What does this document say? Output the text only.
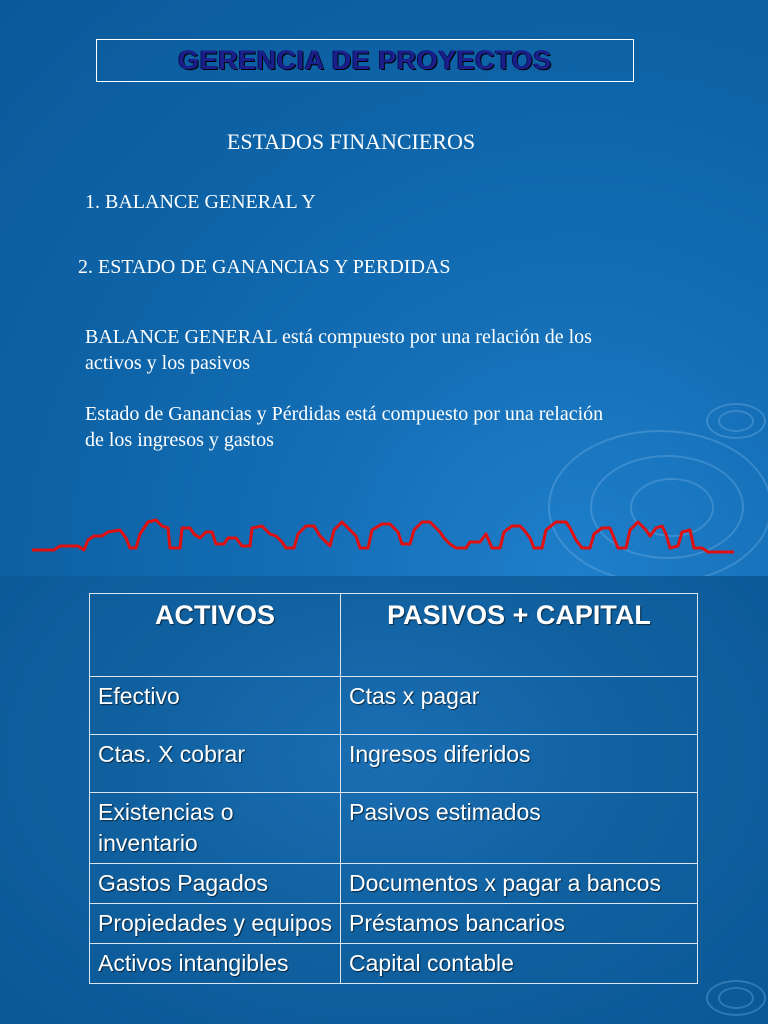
GERENCIA DE PROYECTOS
ESTADOS FINANCIEROS
1. BALANCE GENERAL Y
2. ESTADO DE GANANCIAS Y PERDIDAS
BALANCE GENERAL está compuesto por una relación de los activos y los pasivos
Estado de Ganancias y Pérdidas está compuesto por una relación de los ingresos y gastos
ACTIVOS	PASIVOS + CAPITAL
Efectivo	Ctas x pagar
Ctas. X cobrar	Ingresos diferidos
Existencias o inventario	Pasivos estimados
Gastos Pagados	Documentos x pagar a bancos
Propiedades y equipos	Préstamos bancarios
Activos intangibles	Capital contable
